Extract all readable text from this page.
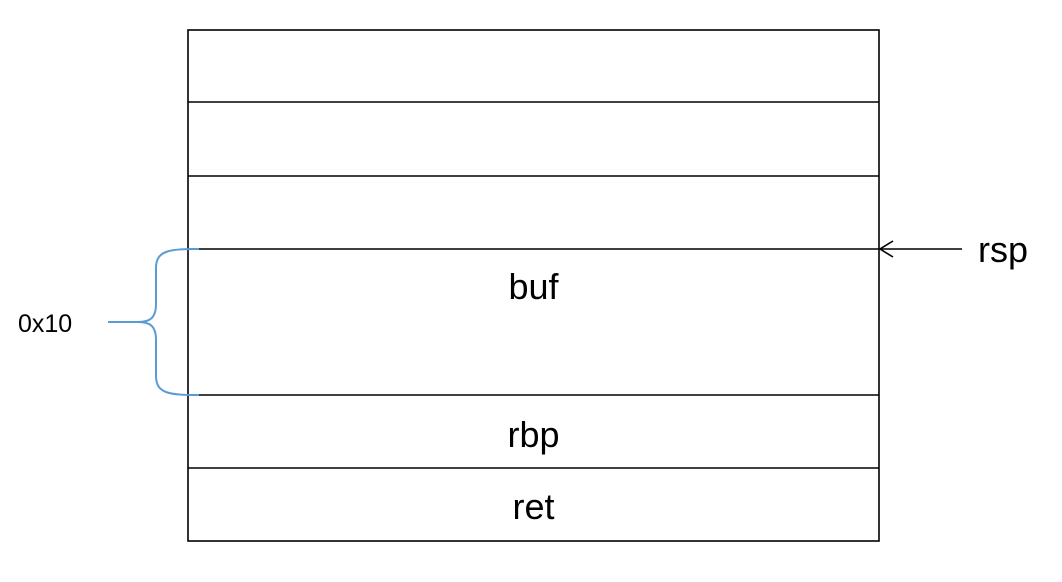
buf
rbp
ret
rsp
0x10
